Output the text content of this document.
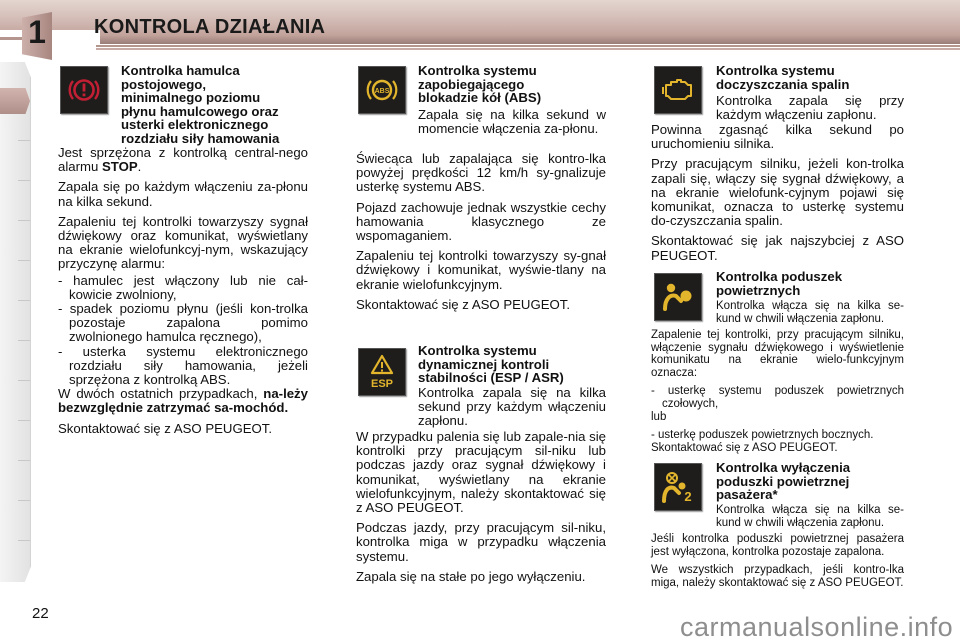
1	KONTROLA DZIAŁANIA
Kontrolka hamulca
postojowego,
minimalnego poziomu
płynu hamulcowego oraz
usterki elektronicznego
rozdziału siły hamowania

Jest sprzężona z kontrolką central-nego alarmu STOP.

Zapala się po każdym włączeniu za-płonu na kilka sekund.

Zapaleniu tej kontrolki towarzyszy sygnał dźwiękowy oraz komunikat, wyświetlany na ekranie wielofunkcyj-nym, wskazujący przyczynę alarmu:

- hamulec jest włączony lub nie cał-kowicie zwolniony,

- spadek poziomu płynu (jeśli kon-trolka pozostaje zapalona pomimo zwolnionego hamulca ręcznego),

- usterka systemu elektronicznego rozdziału siły hamowania, jeżeli sprzężona z kontrolką ABS.

W dwóch ostatnich przypadkach, na-leży bezwzględnie zatrzymać sa-mochód.

Skontaktować się z ASO PEUGEOT.

ABS
Kontrolka systemu
zapobiegającego
blokadzie kół (ABS)

Zapala się na kilka sekund w momencie włączenia za-płonu.

Świecąca lub zapalająca się kontro-lka powyżej prędkości 12 km/h sy-gnalizuje usterkę systemu ABS.

Pojazd zachowuje jednak wszystkie cechy hamowania klasycznego ze wspomaganiem.

Zapaleniu tej kontrolki towarzyszy sy-gnał dźwiękowy i komunikat, wyświe-tlany na ekranie wielofunkcyjnym.

Skontaktować się z ASO PEUGEOT.

ESP
Kontrolka systemu
dynamicznej kontroli
stabilności (ESP / ASR)

Kontrolka zapala się na kilka sekund przy każdym włączeniu zapłonu.

W przypadku palenia się lub zapale-nia się kontrolki przy pracującym sil-niku lub podczas jazdy oraz sygnał dźwiękowy i komunikat, wyświetlany na ekranie wielofunkcyjnym, należy skontaktować się z ASO PEUGEOT.

Podczas jazdy, przy pracującym sil-niku, kontrolka miga w przypadku włączenia systemu.

Zapala się na stałe po jego wyłączeniu.

Kontrolka systemu
doczyszczania spalin

Kontrolka zapala się przy każdym włączeniu zapłonu.

Powinna zgasnąć kilka sekund po uruchomieniu silnika.

Przy pracującym silniku, jeżeli kon-trolka zapali się, włączy się sygnał dźwiękowy, a na ekranie wielofunk-cyjnym pojawi się komunikat, oznacza to usterkę systemu do-czyszczania spalin.

Skontaktować się jak najszybciej z ASO PEUGEOT.

Kontrolka poduszek
powietrznych

Kontrolka włącza się na kilka se-kund w chwili włączenia zapłonu.

Zapalenie tej kontrolki, przy pracującym silniku, włączenie sygnału dźwiękowego i wyświetlenie komunikatu na ekranie wielo-funkcyjnym oznacza:

- usterkę systemu poduszek powietrznych czołowych,

lub

- usterkę poduszek powietrznych bocznych.

Skontaktować się z ASO PEUGEOT.

2
Kontrolka wyłączenia
poduszki powietrznej
pasażera*

Kontrolka włącza się na kilka se-kund w chwili włączenia zapłonu.

Jeśli kontrolka poduszki powietrznej pasażera jest wyłączona, kontrolka pozostaje zapalona.

We wszystkich przypadkach, jeśli kontro-lka miga, należy skontaktować się z ASO PEUGEOT.

22	carmanualsonline.info
